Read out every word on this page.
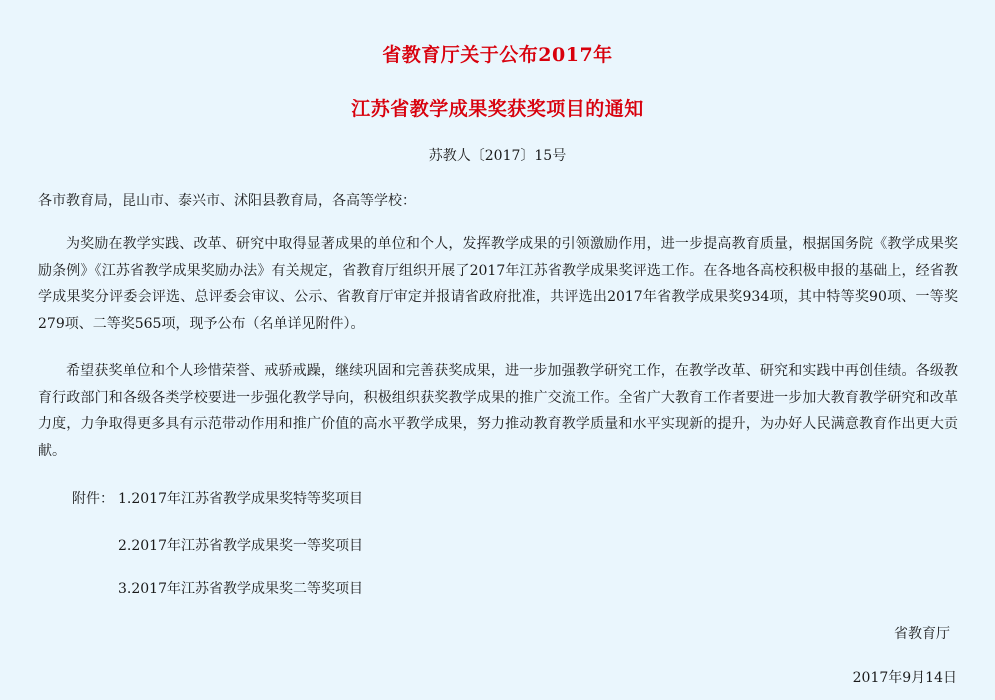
省教育厅关于公布2017年
江苏省教学成果奖获奖项目的通知
苏教人〔2017〕15号
各市教育局，昆山市、泰兴市、沭阳县教育局，各高等学校：

为奖励在教学实践、改革、研究中取得显著成果的单位和个人，发挥教学成果的引领激励作用，进一步提高教育质量，根据国务院《教学成果奖励条例》《江苏省教学成果奖励办法》有关规定，省教育厅组织开展了2017年江苏省教学成果奖评选工作。在各地各高校积极申报的基础上，经省教学成果奖分评委会评选、总评委会审议、公示、省教育厅审定并报请省政府批准，共评选出2017年省教学成果奖934项，其中特等奖90项、一等奖279项、二等奖565项，现予公布（名单详见附件）。

希望获奖单位和个人珍惜荣誉、戒骄戒躁，继续巩固和完善获奖成果，进一步加强教学研究工作，在教学改革、研究和实践中再创佳绩。各级教育行政部门和各级各类学校要进一步强化教学导向，积极组织获奖教学成果的推广交流工作。全省广大教育工作者要进一步加大教育教学研究和改革力度，力争取得更多具有示范带动作用和推广价值的高水平教学成果，努力推动教育教学质量和水平实现新的提升，为办好人民满意教育作出更大贡献。

附件： 1.2017年江苏省教学成果奖特等奖项目
2.2017年江苏省教学成果奖一等奖项目
3.2017年江苏省教学成果奖二等奖项目
省教育厅
2017年9月14日
